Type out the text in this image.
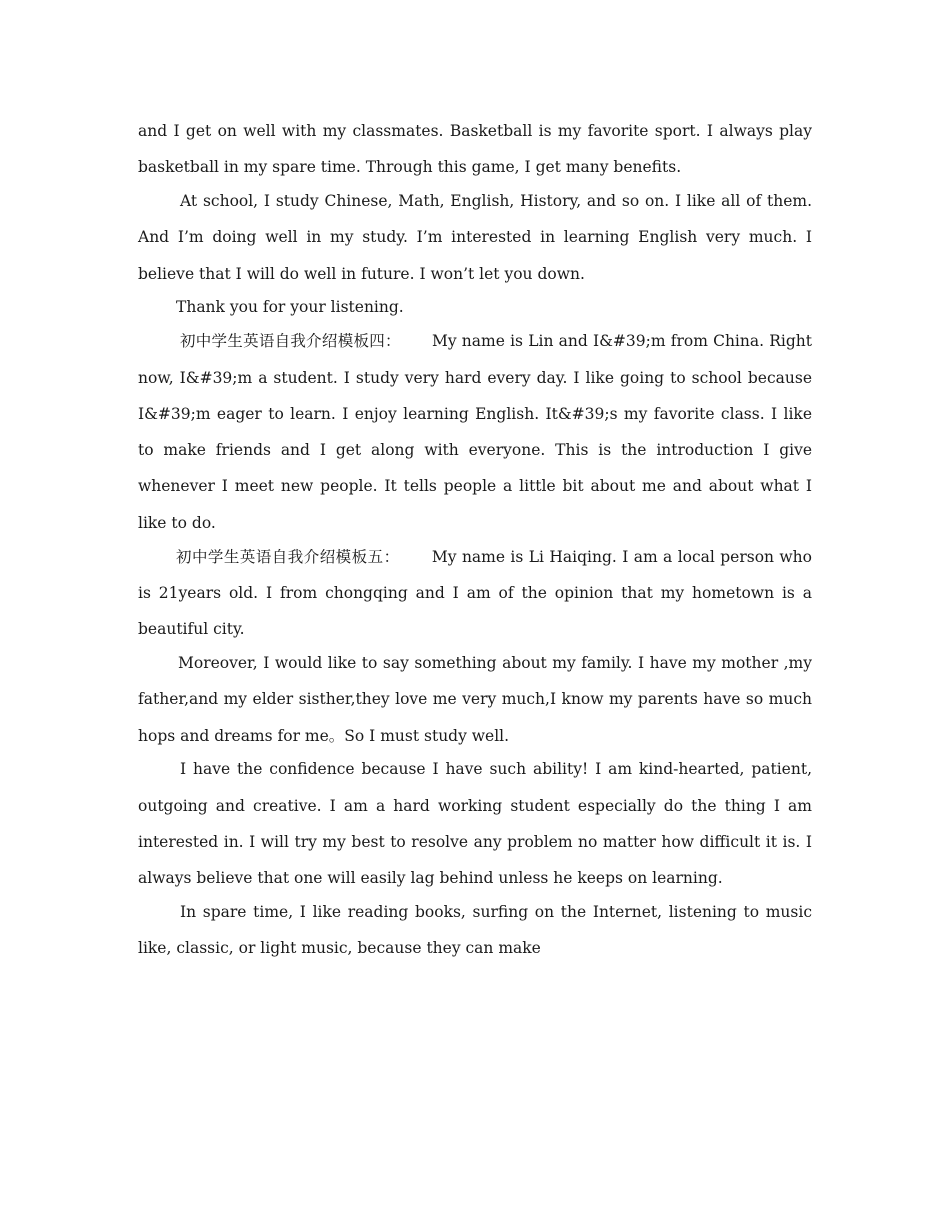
and I get on well with my classmates. Basketball is my favorite sport. I always play basketball in my spare time. Through this game, I get many benefits.

At school, I study Chinese, Math, English, History, and so on. I like all of them. And I’m doing well in my study. I’m interested in learning English very much. I believe that I will do well in future. I won’t let you down.

Thank you for your listening.

初中学生英语自我介绍模板四： My name is Lin and I&#39;m from China. Right now, I&#39;m a student. I study very hard every day. I like going to school because I&#39;m eager to learn. I enjoy learning English. It&#39;s my favorite class. I like to make friends and I get along with everyone. This is the introduction I give whenever I meet new people. It tells people a little bit about me and about what I like to do.

初中学生英语自我介绍模板五： My name is Li Haiqing. I am a local person who is 21years old. I from chongqing and I am of the opinion that my hometown is a beautiful city.

Moreover, I would like to say something about my family. I have my mother ,my father,and my elder sisther,they love me very much,I know my parents have so much hops and dreams for me。So I must study well.

I have the confidence because I have such ability! I am kind-hearted, patient, outgoing and creative. I am a hard working student especially do the thing I am interested in. I will try my best to resolve any problem no matter how difficult it is. I always believe that one will easily lag behind unless he keeps on learning.

In spare time, I like reading books, surfing on the Internet, listening to music like, classic, or light music, because they can make
